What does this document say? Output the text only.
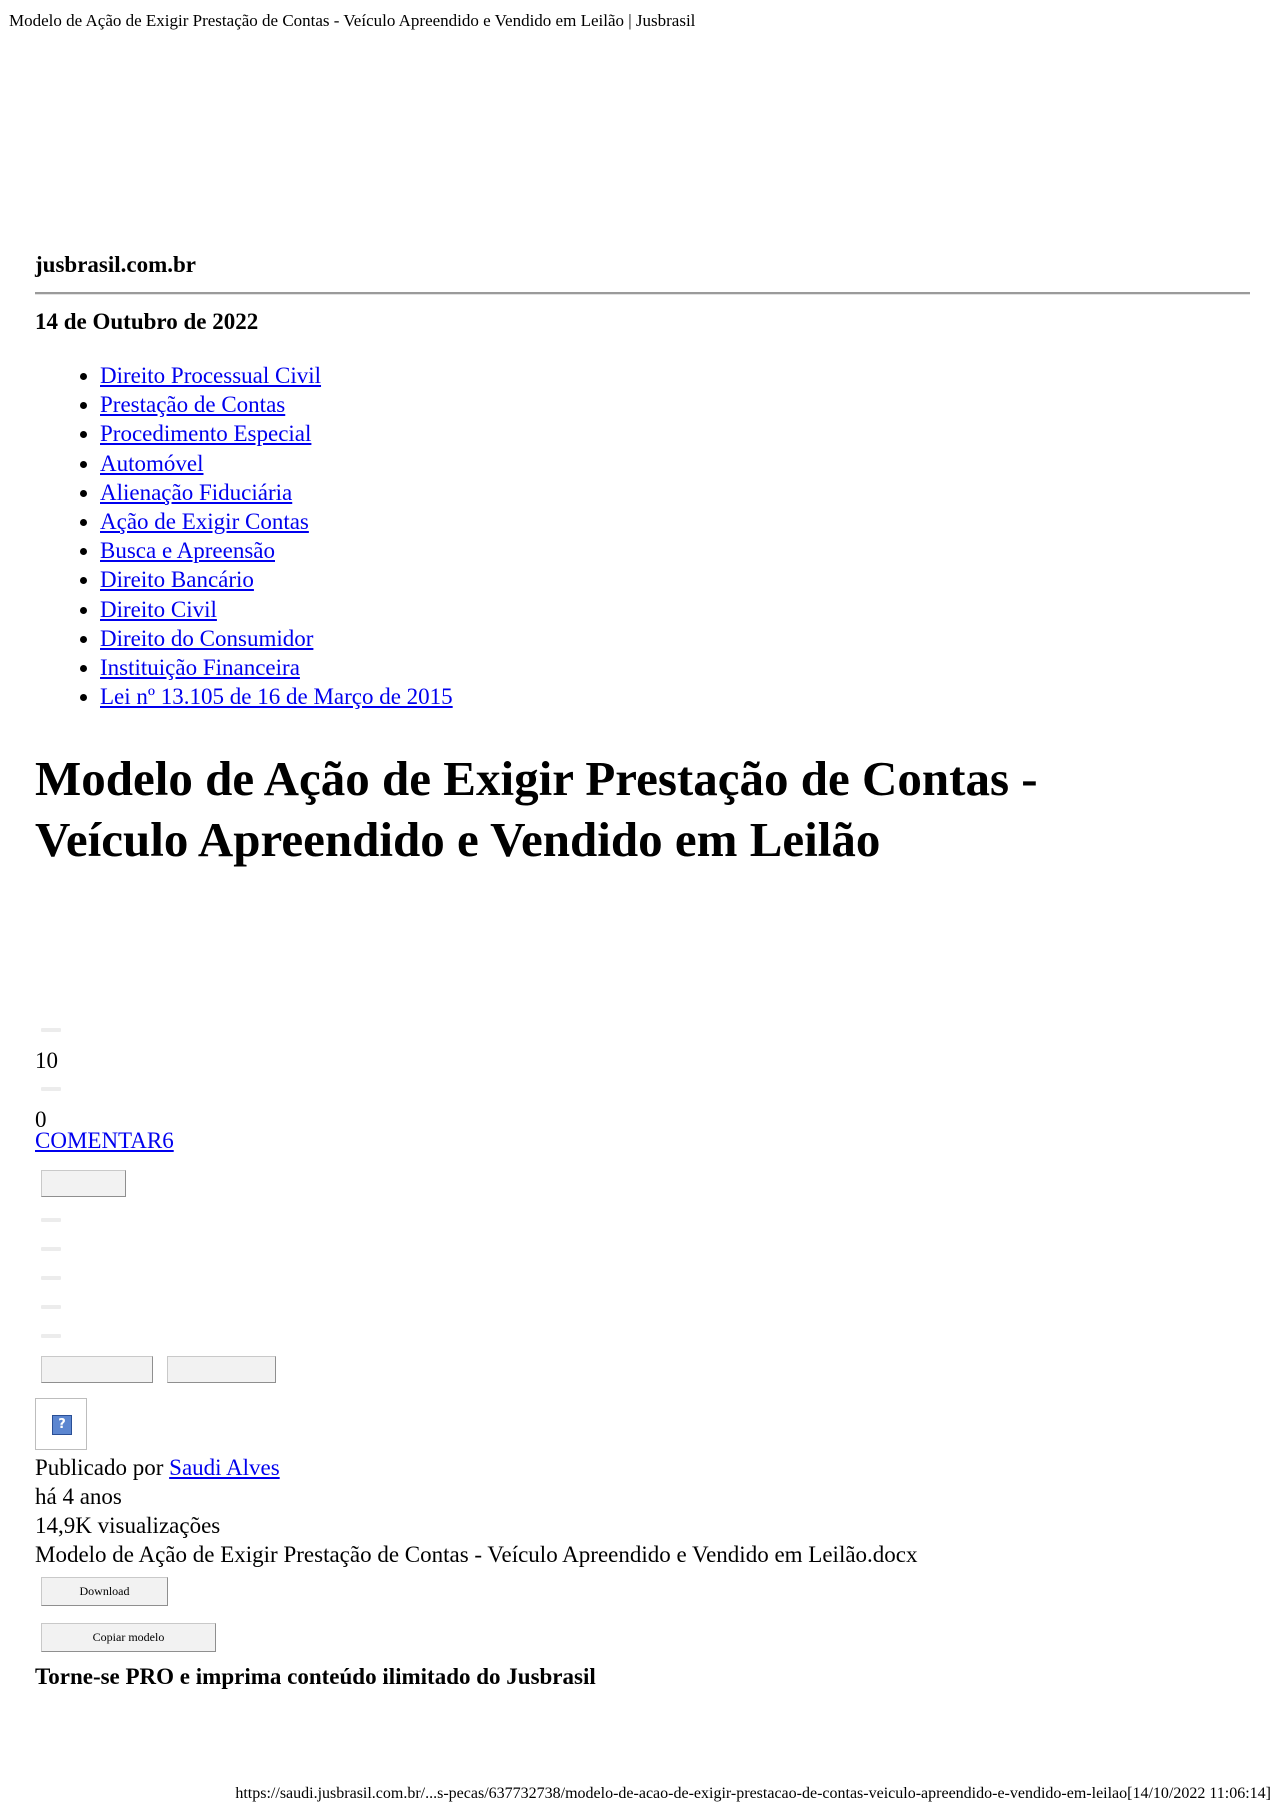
Modelo de Ação de Exigir Prestação de Contas - Veículo Apreendido e Vendido em Leilão | Jusbrasil
jusbrasil.com.br
14 de Outubro de 2022
• Direito Processual Civil
• Prestação de Contas
• Procedimento Especial
• Automóvel
• Alienação Fiduciária
• Ação de Exigir Contas
• Busca e Apreensão
• Direito Bancário
• Direito Civil
• Direito do Consumidor
• Instituição Financeira
• Lei nº 13.105 de 16 de Março de 2015
Modelo de Ação de Exigir Prestação de Contas - Veículo Apreendido e Vendido em Leilão
10
0
COMENTAR6
?
Publicado por Saudi Alves
há 4 anos
14,9K visualizações
Modelo de Ação de Exigir Prestação de Contas - Veículo Apreendido e Vendido em Leilão.docx
Download
Copiar modelo
Torne-se PRO e imprima conteúdo ilimitado do Jusbrasil
https://saudi.jusbrasil.com.br/...s-pecas/637732738/modelo-de-acao-de-exigir-prestacao-de-contas-veiculo-apreendido-e-vendido-em-leilao[14/10/2022 11:06:14]
